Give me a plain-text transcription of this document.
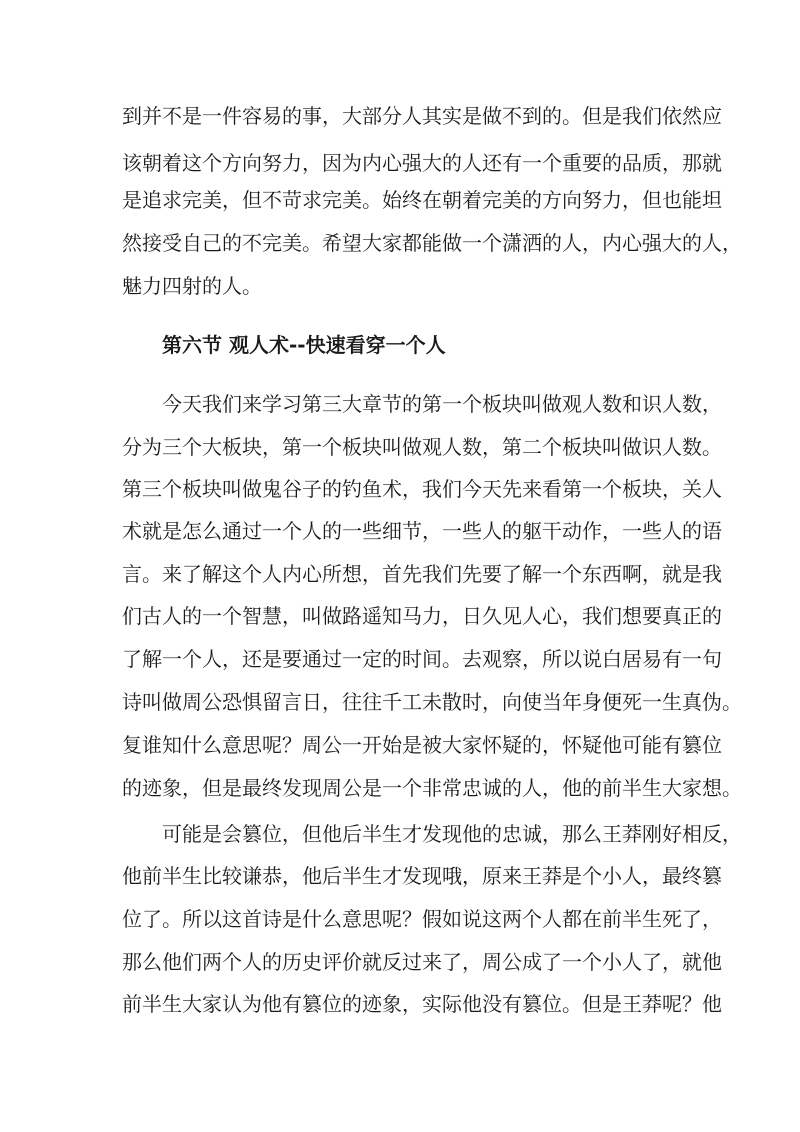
到并不是一件容易的事，大部分人其实是做不到的。但是我们依然应
该朝着这个方向努力，因为内心强大的人还有一个重要的品质，那就
是追求完美，但不苛求完美。始终在朝着完美的方向努力，但也能坦
然接受自己的不完美。希望大家都能做一个潇洒的人，内心强大的人，
魅力四射的人。
第六节 观人术--快速看穿一个人
今天我们来学习第三大章节的第一个板块叫做观人数和识人数，
分为三个大板块，第一个板块叫做观人数，第二个板块叫做识人数。
第三个板块叫做鬼谷子的钓鱼术，我们今天先来看第一个板块，关人
术就是怎么通过一个人的一些细节，一些人的躯干动作，一些人的语
言。来了解这个人内心所想，首先我们先要了解一个东西啊，就是我
们古人的一个智慧，叫做路遥知马力，日久见人心，我们想要真正的
了解一个人，还是要通过一定的时间。去观察，所以说白居易有一句
诗叫做周公恐惧留言日，往往千工未散时，向使当年身便死一生真伪。
复谁知什么意思呢？周公一开始是被大家怀疑的，怀疑他可能有篡位
的迹象，但是最终发现周公是一个非常忠诚的人，他的前半生大家想。
可能是会篡位，但他后半生才发现他的忠诚，那么王莽刚好相反，
他前半生比较谦恭，他后半生才发现哦，原来王莽是个小人，最终篡
位了。所以这首诗是什么意思呢？假如说这两个人都在前半生死了，
那么他们两个人的历史评价就反过来了，周公成了一个小人了，就他
前半生大家认为他有篡位的迹象，实际他没有篡位。但是王莽呢？他
